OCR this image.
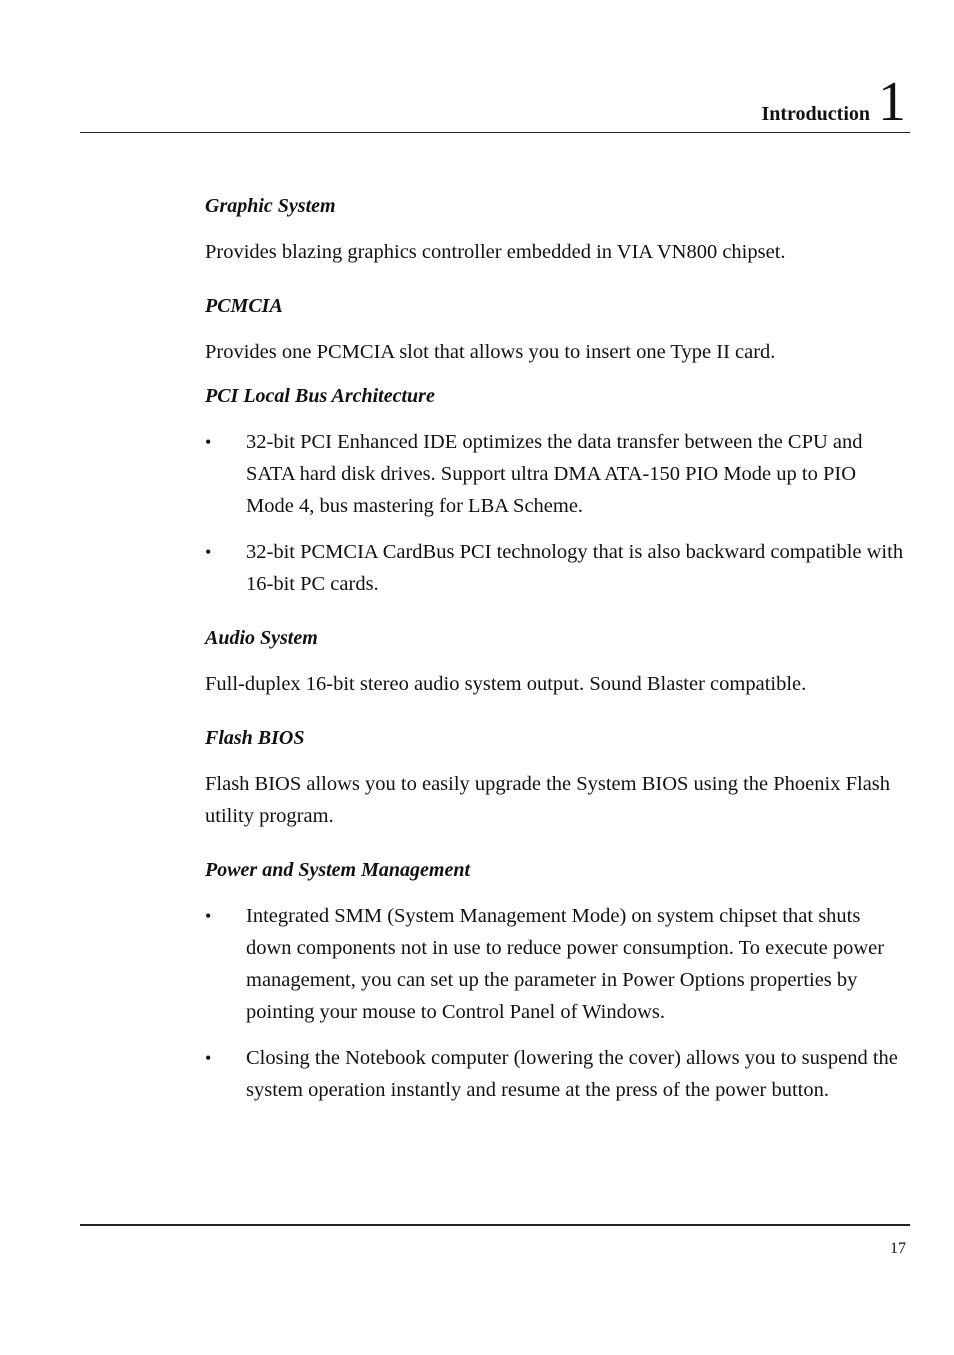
Introduction 1
Graphic System

Provides blazing graphics controller embedded in VIA VN800 chipset.

PCMCIA

Provides one PCMCIA slot that allows you to insert one Type II card.

PCI Local Bus Architecture
• 32-bit PCI Enhanced IDE optimizes the data transfer between the CPU and SATA hard disk drives. Support ultra DMA ATA-150 PIO Mode up to PIO Mode 4, bus mastering for LBA Scheme.
• 32-bit PCMCIA CardBus PCI technology that is also backward compatible with 16-bit PC cards.
Audio System

Full-duplex 16-bit stereo audio system output. Sound Blaster compatible.

Flash BIOS

Flash BIOS allows you to easily upgrade the System BIOS using the Phoenix Flash utility program.

Power and System Management
• Integrated SMM (System Management Mode) on system chipset that shuts down components not in use to reduce power consumption. To execute power management, you can set up the parameter in Power Options properties by pointing your mouse to Control Panel of Windows.
• Closing the Notebook computer (lowering the cover) allows you to suspend the system operation instantly and resume at the press of the power button.
17
